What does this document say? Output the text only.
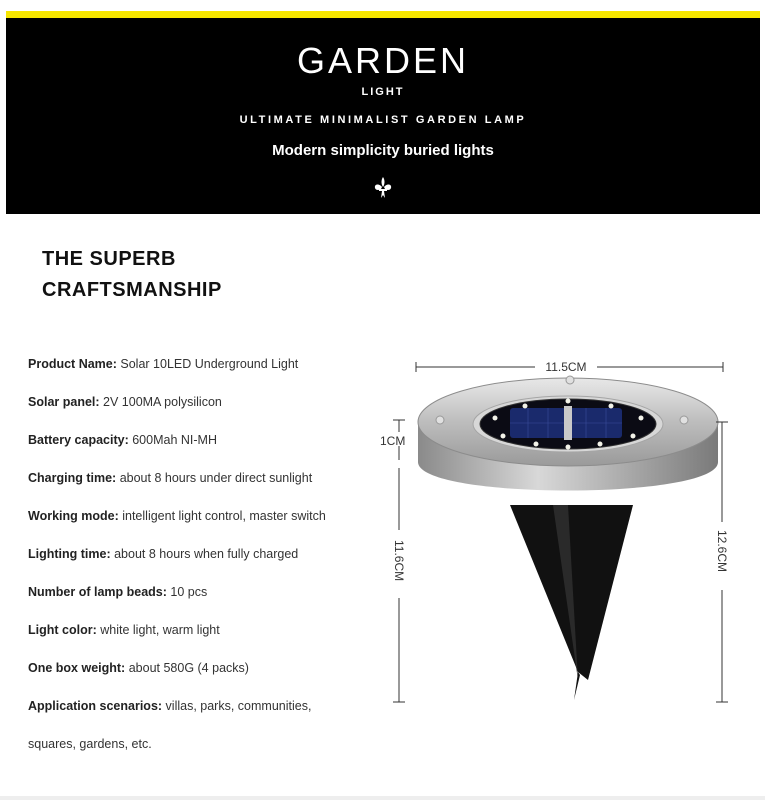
GARDEN
LIGHT
ULTIMATE MINIMALIST GARDEN LAMP
Modern simplicity buried lights
THE SUPERB
CRAFTSMANSHIP
Product Name: Solar 10LED Underground Light
Solar panel: 2V 100MA polysilicon
Battery capacity: 600Mah NI-MH
Charging time: about 8 hours under direct sunlight
Working mode: intelligent light control, master switch
Lighting time: about 8 hours when fully charged
Number of lamp beads: 10 pcs
Light color: white light, warm light
One box weight: about 580G (4 packs)
Application scenarios: villas, parks, communities,
squares, gardens, etc.
11.5CM
1CM
11.6CM	12.6CM
